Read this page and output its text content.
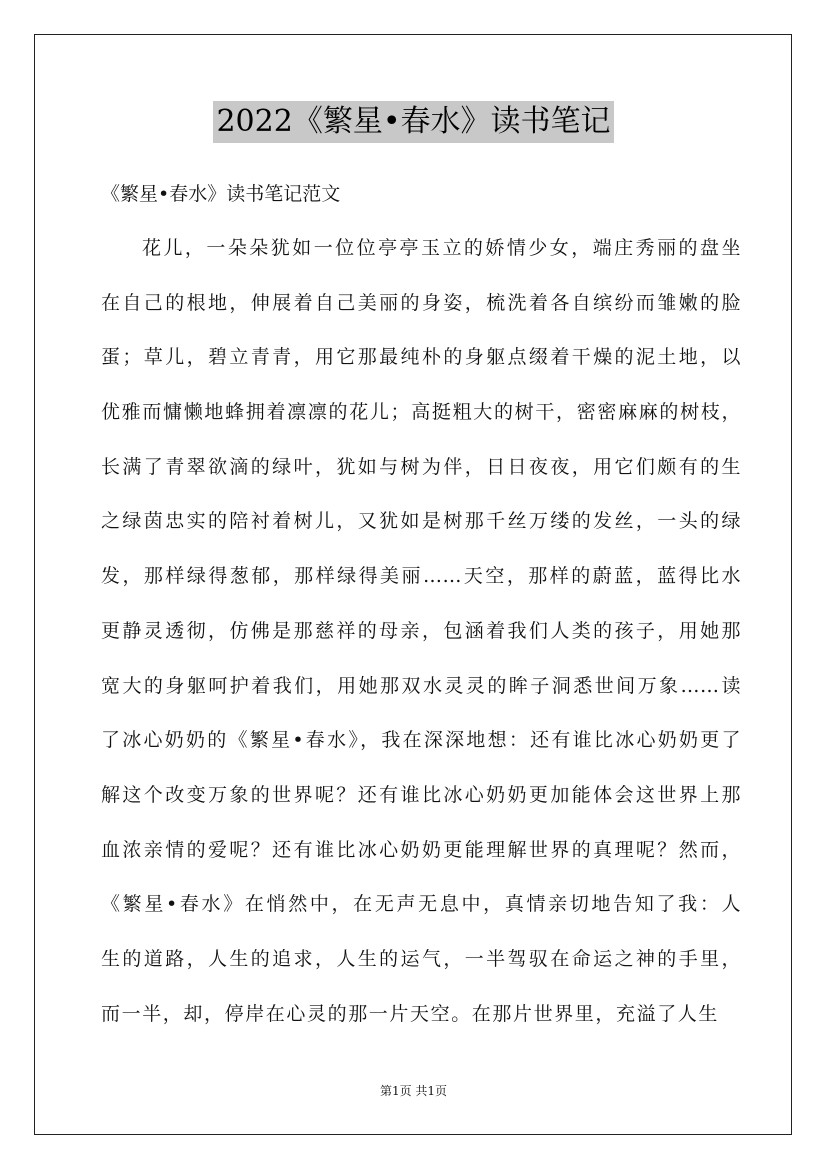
2022《繁星•春水》读书笔记
《繁星•春水》读书笔记范文
花儿，一朵朵犹如一位位亭亭玉立的娇情少女，端庄秀丽的盘坐
在自己的根地，伸展着自己美丽的身姿，梳洗着各自缤纷而雏嫩的脸
蛋；草儿，碧立青青，用它那最纯朴的身躯点缀着干燥的泥土地，以
优雅而慵懒地蜂拥着凛凛的花儿；高挺粗大的树干，密密麻麻的树枝，
长满了青翠欲滴的绿叶，犹如与树为伴，日日夜夜，用它们颇有的生
之绿茵忠实的陪衬着树儿，又犹如是树那千丝万缕的发丝，一头的绿
发，那样绿得葱郁，那样绿得美丽……天空，那样的蔚蓝，蓝得比水
更静灵透彻，仿佛是那慈祥的母亲，包涵着我们人类的孩子，用她那
宽大的身躯呵护着我们，用她那双水灵灵的眸子洞悉世间万象……读
了冰心奶奶的《繁星•春水》，我在深深地想：还有谁比冰心奶奶更了
解这个改变万象的世界呢？还有谁比冰心奶奶更加能体会这世界上那
血浓亲情的爱呢？还有谁比冰心奶奶更能理解世界的真理呢？然而，
《繁星•春水》在悄然中，在无声无息中，真情亲切地告知了我：人
生的道路，人生的追求，人生的运气，一半驾驭在命运之神的手里，
而一半，却，停岸在心灵的那一片天空。在那片世界里，充溢了人生
第1页 共1页
